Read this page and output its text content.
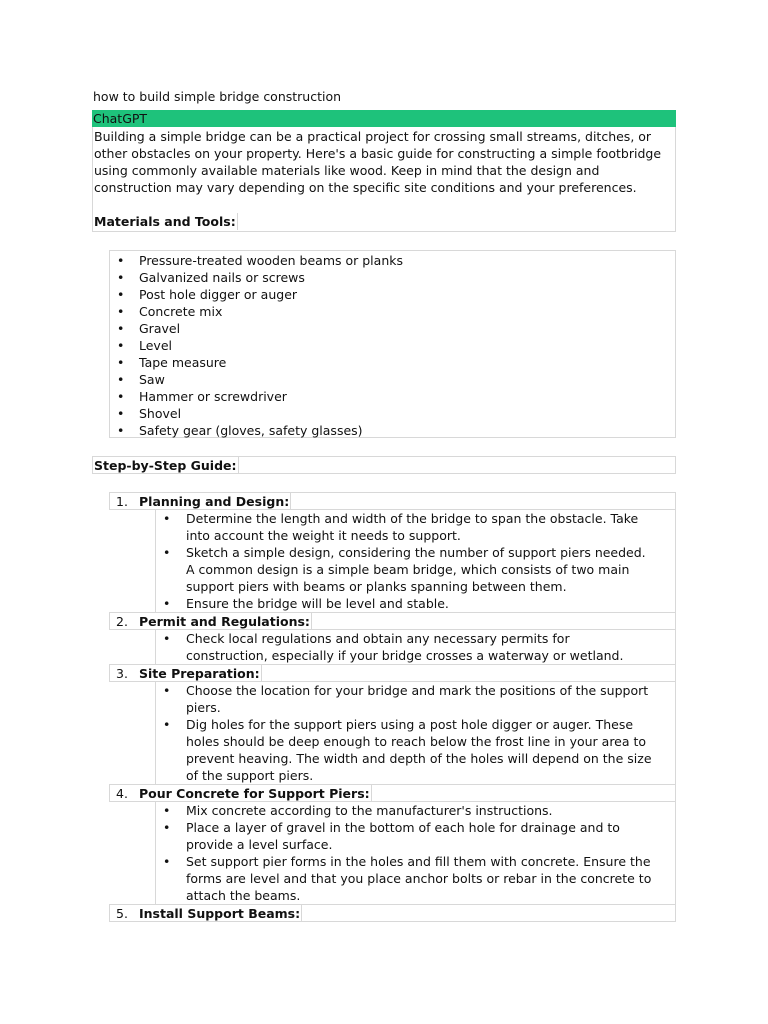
how to build simple bridge construction
ChatGPT

Building a simple bridge can be a practical project for crossing small streams, ditches, or other obstacles on your property. Here's a basic guide for constructing a simple footbridge using commonly available materials like wood. Keep in mind that the design and construction may vary depending on the specific site conditions and your preferences.

Materials and Tools:
• Pressure-treated wooden beams or planks
• Galvanized nails or screws
• Post hole digger or auger
• Concrete mix
• Gravel
• Level
• Tape measure
• Saw
• Hammer or screwdriver
• Shovel
• Safety gear (gloves, safety glasses)
Step-by-Step Guide:
1. Planning and Design:
• Determine the length and width of the bridge to span the obstacle. Take into account the weight it needs to support.
• Sketch a simple design, considering the number of support piers needed. A common design is a simple beam bridge, which consists of two main support piers with beams or planks spanning between them.
• Ensure the bridge will be level and stable.
2. Permit and Regulations:
• Check local regulations and obtain any necessary permits for construction, especially if your bridge crosses a waterway or wetland.
3. Site Preparation:
• Choose the location for your bridge and mark the positions of the support piers.
• Dig holes for the support piers using a post hole digger or auger. These holes should be deep enough to reach below the frost line in your area to prevent heaving. The width and depth of the holes will depend on the size of the support piers.
4. Pour Concrete for Support Piers:
• Mix concrete according to the manufacturer's instructions.
• Place a layer of gravel in the bottom of each hole for drainage and to provide a level surface.
• Set support pier forms in the holes and fill them with concrete. Ensure the forms are level and that you place anchor bolts or rebar in the concrete to attach the beams.
5. Install Support Beams:
